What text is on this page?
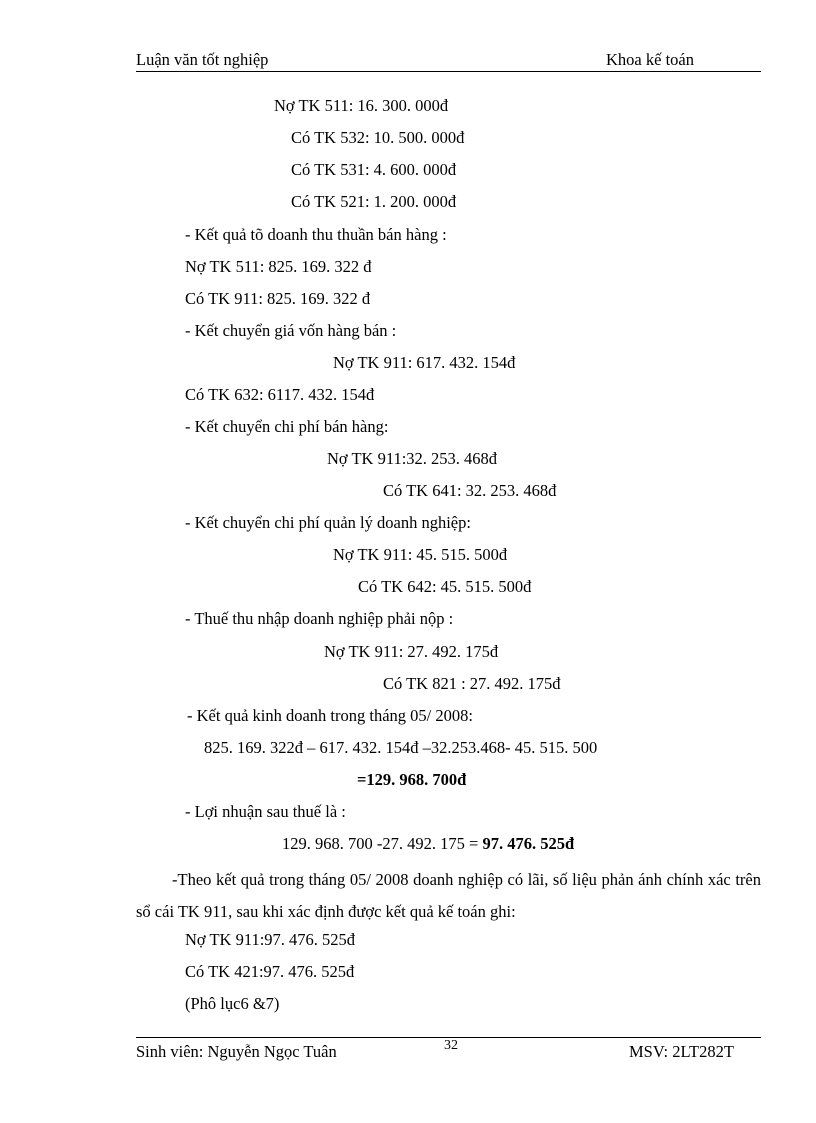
Luận văn tốt nghiệp	Khoa kế toán
Nợ TK 511: 16. 300. 000đ
Có TK 532: 10. 500. 000đ
Có TK 531: 4. 600. 000đ
Có TK 521: 1. 200. 000đ
- Kết quả tõ doanh thu thuần bán hàng :
Nợ TK 511: 825. 169. 322 đ
Có TK 911: 825. 169. 322 đ
- Kết chuyển giá vốn hàng bán :
Nợ TK 911: 617. 432. 154đ
Có TK 632: 6117. 432. 154đ
- Kết chuyển chi phí bán hàng:
Nợ TK 911:32. 253. 468đ
Có TK 641: 32. 253. 468đ
- Kết chuyển chi phí quản lý doanh nghiệp:
Nợ TK 911: 45. 515. 500đ
Có TK 642: 45. 515. 500đ
- Thuế thu nhập doanh nghiệp phải nộp :
Nợ TK 911: 27. 492. 175đ
Có TK 821 : 27. 492. 175đ
- Kết quả kinh doanh trong tháng 05/ 2008:
825. 169. 322đ – 617. 432. 154đ –32.253.468- 45. 515. 500
=129. 968. 700đ
- Lợi nhuận sau thuế là :
129. 968. 700 -27. 492. 175 = 97. 476. 525đ
-Theo kết quả trong tháng 05/ 2008 doanh nghiệp có lãi, số liệu phản ánh chính xác trên sổ cái TK 911, sau khi xác định được kết quả kế toán ghi:
Nợ TK 911:97. 476. 525đ
Có TK 421:97. 476. 525đ
(Phô lục6 &7)
Sinh viên: Nguyễn Ngọc Tuân	32	MSV: 2LT282T
